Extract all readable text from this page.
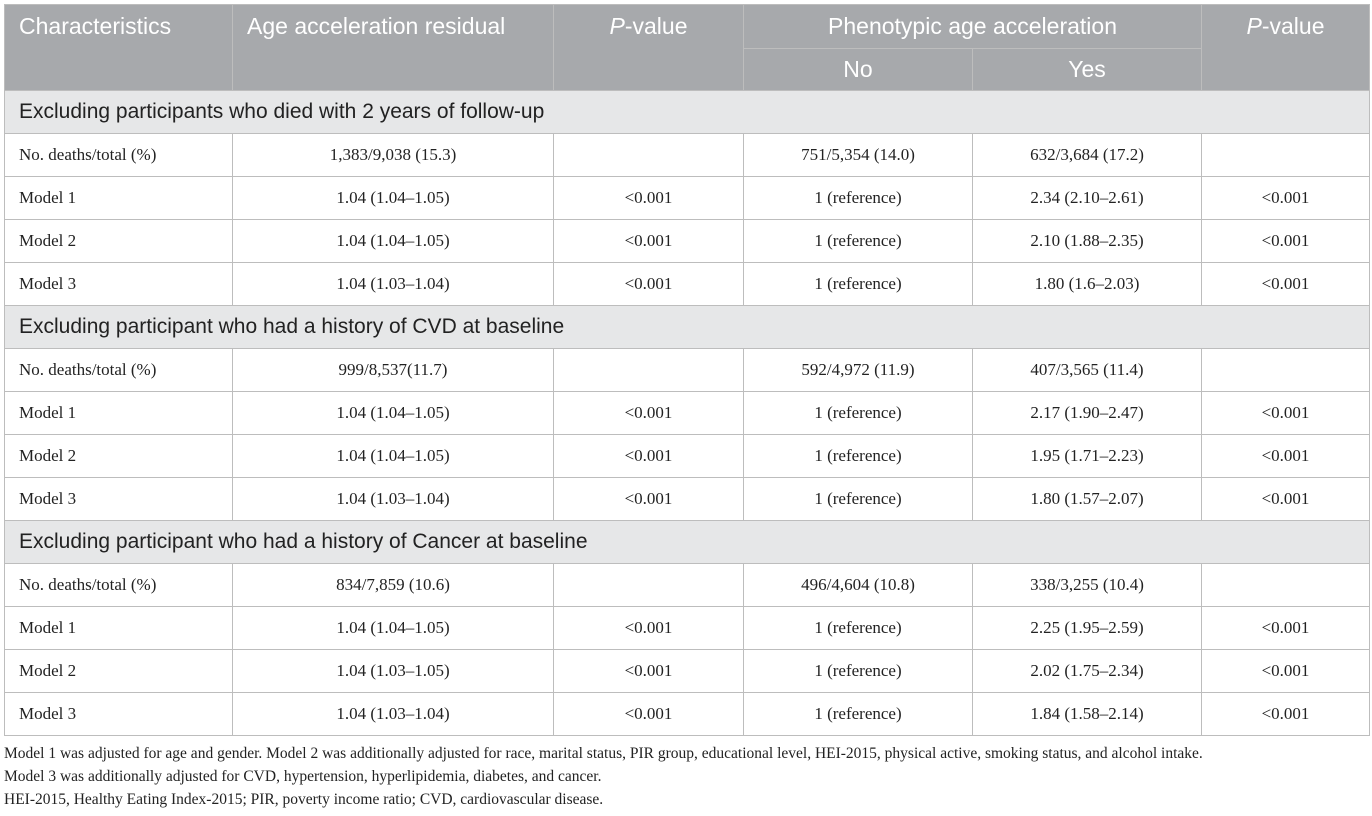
Characteristics	Age acceleration residual	P-value	Phenotypic age acceleration		P-value
			No	Yes	
Excluding participants who died with 2 years of follow-up					
No. deaths/total (%)	1,383/9,038 (15.3)		751/5,354 (14.0)	632/3,684 (17.2)	
Model 1	1.04 (1.04–1.05)	<0.001	1 (reference)	2.34 (2.10–2.61)	<0.001
Model 2	1.04 (1.04–1.05)	<0.001	1 (reference)	2.10 (1.88–2.35)	<0.001
Model 3	1.04 (1.03–1.04)	<0.001	1 (reference)	1.80 (1.6–2.03)	<0.001
Excluding participant who had a history of CVD at baseline					
No. deaths/total (%)	999/8,537(11.7)		592/4,972 (11.9)	407/3,565 (11.4)	
Model 1	1.04 (1.04–1.05)	<0.001	1 (reference)	2.17 (1.90–2.47)	<0.001
Model 2	1.04 (1.04–1.05)	<0.001	1 (reference)	1.95 (1.71–2.23)	<0.001
Model 3	1.04 (1.03–1.04)	<0.001	1 (reference)	1.80 (1.57–2.07)	<0.001
Excluding participant who had a history of Cancer at baseline					
No. deaths/total (%)	834/7,859 (10.6)		496/4,604 (10.8)	338/3,255 (10.4)	
Model 1	1.04 (1.04–1.05)	<0.001	1 (reference)	2.25 (1.95–2.59)	<0.001
Model 2	1.04 (1.03–1.05)	<0.001	1 (reference)	2.02 (1.75–2.34)	<0.001
Model 3	1.04 (1.03–1.04)	<0.001	1 (reference)	1.84 (1.58–2.14)	<0.001
Model 1 was adjusted for age and gender. Model 2 was additionally adjusted for race, marital status, PIR group, educational level, HEI-2015, physical active, smoking status, and alcohol intake.
Model 3 was additionally adjusted for CVD, hypertension, hyperlipidemia, diabetes, and cancer.
HEI-2015, Healthy Eating Index-2015; PIR, poverty income ratio; CVD, cardiovascular disease.
